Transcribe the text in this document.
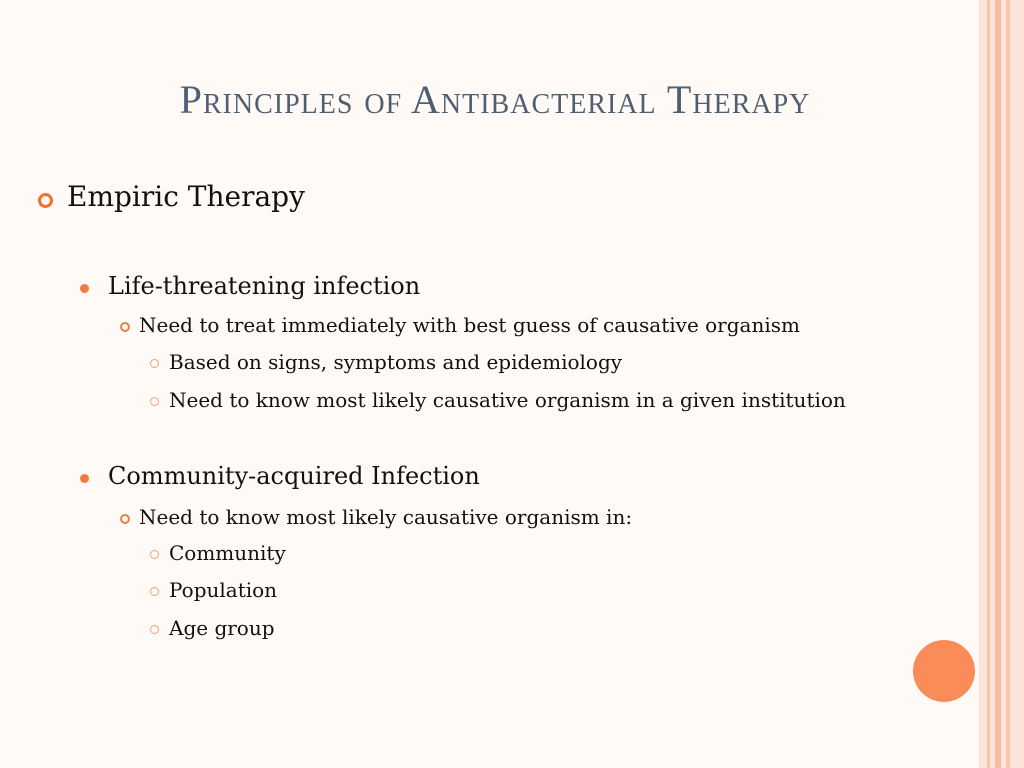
Principles of Antibacterial Therapy
Empiric Therapy
Life-threatening infection
Need to treat immediately with best guess of causative organism
Based on signs, symptoms and epidemiology
Need to know most likely causative organism in a given institution
Community-acquired Infection
Need to know most likely causative organism in:
Community
Population
Age group
